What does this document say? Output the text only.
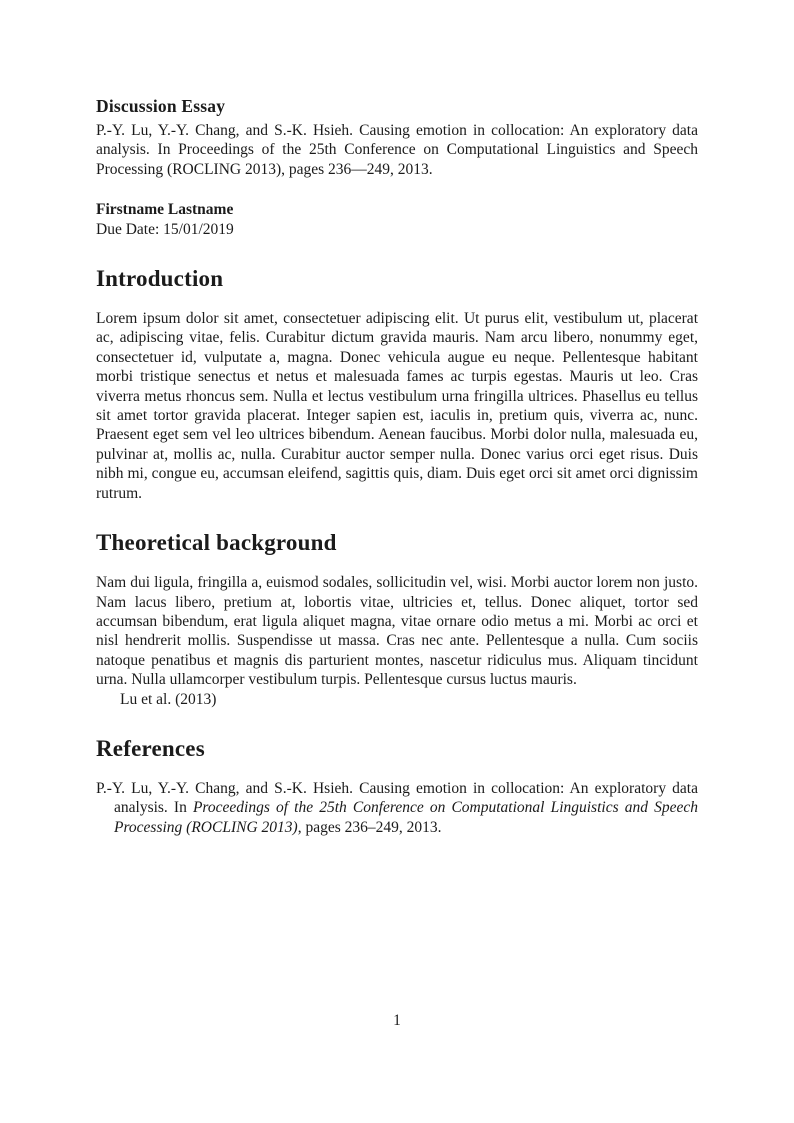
Discussion Essay

P.-Y. Lu, Y.-Y. Chang, and S.-K. Hsieh. Causing emotion in collocation: An exploratory data analysis. In Proceedings of the 25th Conference on Computational Linguistics and Speech Processing (ROCLING 2013), pages 236—249, 2013.

Firstname Lastname
Due Date: 15/01/2019
Introduction

Lorem ipsum dolor sit amet, consectetuer adipiscing elit. Ut purus elit, vestibulum ut, placerat ac, adipiscing vitae, felis. Curabitur dictum gravida mauris. Nam arcu libero, nonummy eget, consectetuer id, vulputate a, magna. Donec vehicula augue eu neque. Pellentesque habitant morbi tristique senectus et netus et malesuada fames ac turpis egestas. Mauris ut leo. Cras viverra metus rhoncus sem. Nulla et lectus vestibulum urna fringilla ultrices. Phasellus eu tellus sit amet tortor gravida placerat. Integer sapien est, iaculis in, pretium quis, viverra ac, nunc. Praesent eget sem vel leo ultrices bibendum. Aenean faucibus. Morbi dolor nulla, malesuada eu, pulvinar at, mollis ac, nulla. Curabitur auctor semper nulla. Donec varius orci eget risus. Duis nibh mi, congue eu, accumsan eleifend, sagittis quis, diam. Duis eget orci sit amet orci dignissim rutrum.

Theoretical background

Nam dui ligula, fringilla a, euismod sodales, sollicitudin vel, wisi. Morbi auctor lorem non justo. Nam lacus libero, pretium at, lobortis vitae, ultricies et, tellus. Donec aliquet, tortor sed accumsan bibendum, erat ligula aliquet magna, vitae ornare odio metus a mi. Morbi ac orci et nisl hendrerit mollis. Suspendisse ut massa. Cras nec ante. Pellentesque a nulla. Cum sociis natoque penatibus et magnis dis parturient montes, nascetur ridiculus mus. Aliquam tincidunt urna. Nulla ullamcorper vestibulum turpis. Pellentesque cursus luctus mauris.

Lu et al. (2013)

References

P.-Y. Lu, Y.-Y. Chang, and S.-K. Hsieh. Causing emotion in collocation: An exploratory data analysis. In Proceedings of the 25th Conference on Computational Linguistics and Speech Processing (ROCLING 2013), pages 236–249, 2013.

1
